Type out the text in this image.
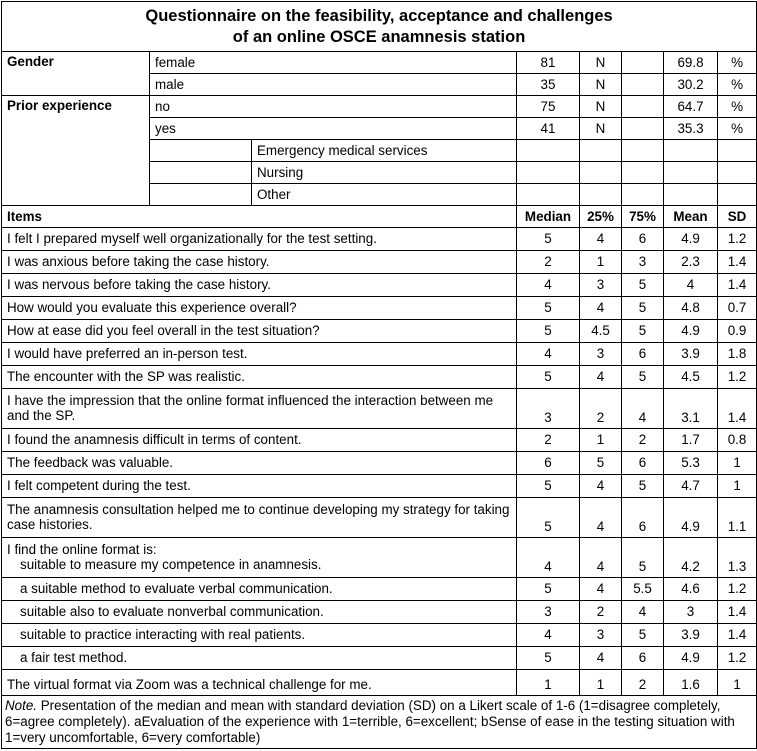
Questionnaire on the feasibility, acceptance and challenges
of an online OSCE anamnesis station							

Gender	female		81	N		69.8	%
	male		35	N		30.2	%
Prior experience	no		75	N		64.7	%
	yes		41	N		35.3	%
		Emergency medical services					
		Nursing					
		Other					
Items			Median	25%	75%	Mean	SD
I felt I prepared myself well organizationally for the test setting.			5	4	6	4.9	1.2
I was anxious before taking the case history.			2	1	3	2.3	1.4
I was nervous before taking the case history.			4	3	5	4	1.4
How would you evaluate this experience overall?			5	4	5	4.8	0.7
How at ease did you feel overall in the test situation?			5	4.5	5	4.9	0.9
I would have preferred an in-person test.			4	3	6	3.9	1.8
The encounter with the SP was realistic.			5	4	5	4.5	1.2
I have the impression that the online format influenced the interaction between me and the SP.			3	2	4	3.1	1.4
I found the anamnesis difficult in terms of content.			2	1	2	1.7	0.8
The feedback was valuable.			6	5	6	5.3	1
I felt competent during the test.			5	4	5	4.7	1
The anamnesis consultation helped me to continue developing my strategy for taking case histories.			5	4	6	4.9	1.1

I find the online format is:
suitable to measure my competence in anamnesis.			4	4	5	4.2	1.3
a suitable method to evaluate verbal communication.			5	4	5.5	4.6	1.2
suitable also to evaluate nonverbal communication.			3	2	4	3	1.4
suitable to practice interacting with real patients.			4	3	5	3.9	1.4
a fair test method.			5	4	6	4.9	1.2
The virtual format via Zoom was a technical challenge for me.			1	1	2	1.6	1
Note. Presentation of the median and mean with standard deviation (SD) on a Likert scale of 1-6 (1=disagree completely, 6=agree completely). aEvaluation of the experience with 1=terrible, 6=excellent; bSense of ease in the testing situation with 1=very uncomfortable, 6=very comfortable)							
